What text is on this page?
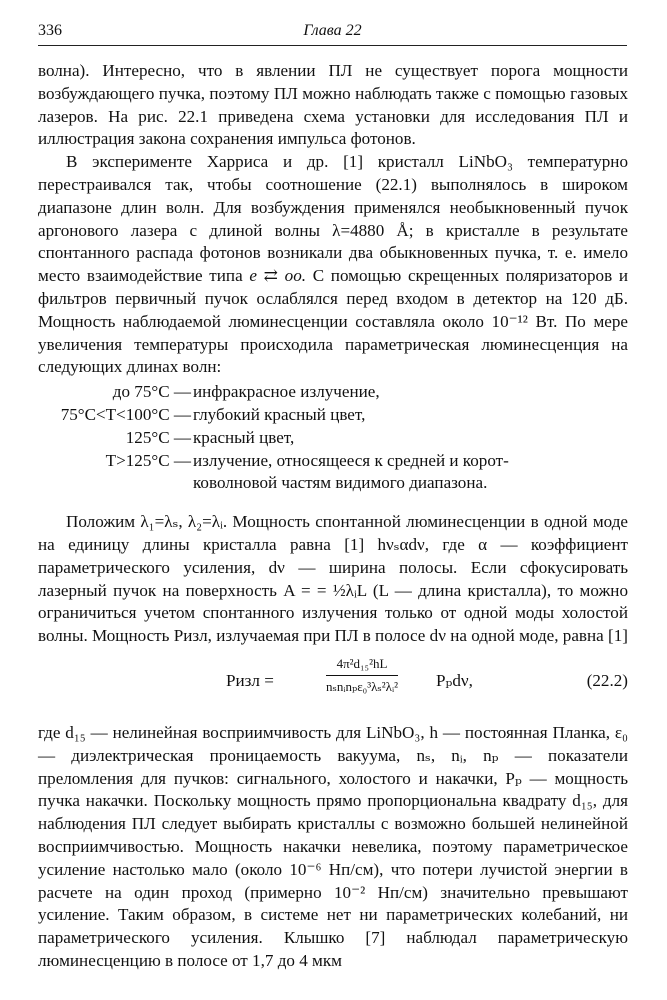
336	Глава 22

волна). Интересно, что в явлении ПЛ не существует порога мощности возбуждающего пучка, поэтому ПЛ можно наблюдать также с помощью газовых лазеров. На рис. 22.1 приведена схема установки для исследования ПЛ и иллюстрация закона сохранения импульса фотонов.

В эксперименте Харриса и др. [1] кристалл LiNbO₃ температурно перестраивался так, чтобы соотношение (22.1) выполнялось в широком диапазоне длин волн. Для возбуждения применялся необыкновенный пучок аргонового лазера с длиной волны λ=4880 Å; в кристалле в результате спонтанного распада фотонов возникали два обыкновенных пучка, т. е. имело место взаимодействие типа e ⇄ oo. С помощью скрещенных поляризаторов и фильтров первичный пучок ослаблялся перед входом в детектор на 120 дБ. Мощность наблюдаемой люминесценции составляла около 10⁻¹² Вт. По мере увеличения температуры происходила параметрическая люминесценция на следующих длинах волн:

до 75°С — инфракрасное излучение,
75°С<T<100°С — глубокий красный цвет,
125°С — красный цвет,
T>125°С — излучение, относящееся к средней и корот-
коволновой частям видимого диапазона.

Положим λ₁=λₛ, λ₂=λᵢ. Мощность спонтанной люминесценции в одной моде на единицу длины кристалла равна [1] hνₛαdν, где α — коэффициент параметрического усиления, dν — ширина полосы. Если сфокусировать лазерный пучок на поверхность A = = ½λᵢL (L — длина кристалла), то можно ограничиться учетом спонтанного излучения только от одной моды холостой волны. Мощность Pизл, излучаемая при ПЛ в полосе dν на одной моде, равна [1]

Pизл =
4π²d₁₅²hL
nₛnᵢnₚε₀³λₛ²λᵢ² Pₚdν,	(22.2)

где d₁₅ — нелинейная восприимчивость для LiNbO₃, h — постоянная Планка, ε₀ — диэлектрическая проницаемость вакуума, nₛ, nᵢ, nₚ — показатели преломления для пучков: сигнального, холостого и накачки, Pₚ — мощность пучка накачки. Поскольку мощность прямо пропорциональна квадрату d₁₅, для наблюдения ПЛ следует выбирать кристаллы с возможно большей нелинейной восприимчивостью. Мощность накачки невелика, поэтому параметрическое усиление настолько мало (около 10⁻⁶ Нп/см), что потери лучистой энергии в расчете на один проход (примерно 10⁻² Нп/см) значительно превышают усиление. Таким образом, в системе нет ни параметрических колебаний, ни параметрического усиления. Клышко [7] наблюдал параметрическую люминесценцию в полосе от 1,7 до 4 мкм
